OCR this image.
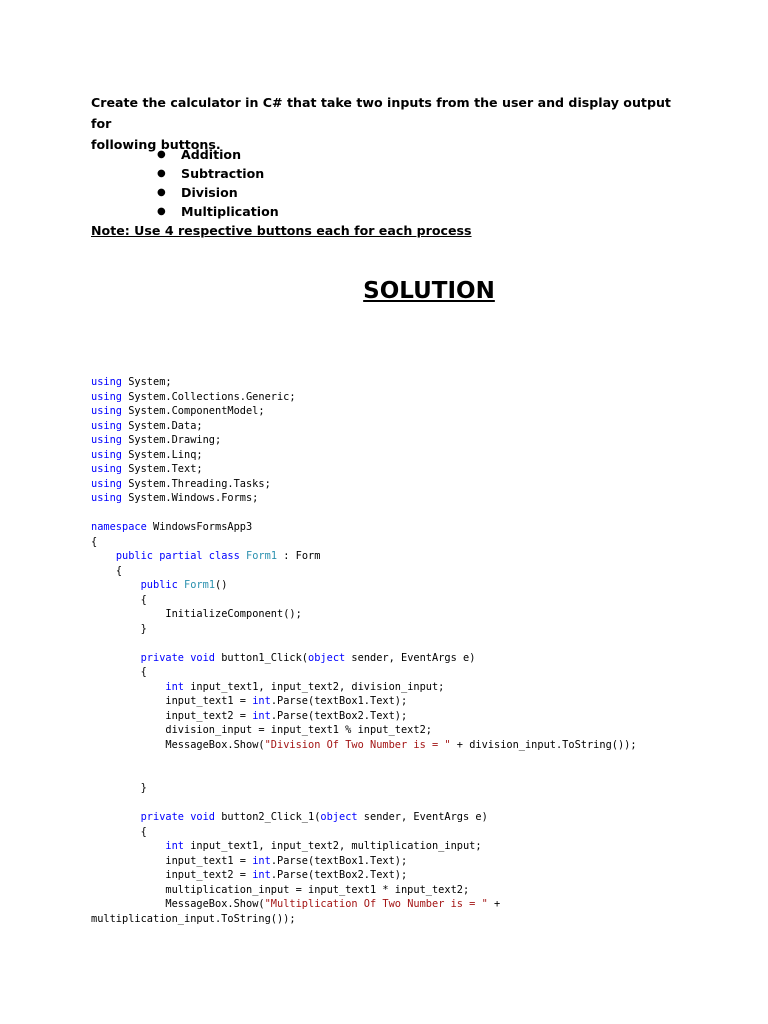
Create the calculator in C# that take two inputs from the user and display output for
following buttons.
●	Addition
●	Subtraction
●	Division
●	Multiplication
Note: Use 4 respective buttons each for each process
SOLUTION
using System;
using System.Collections.Generic;
using System.ComponentModel;
using System.Data;
using System.Drawing;
using System.Linq;
using System.Text;
using System.Threading.Tasks;
using System.Windows.Forms;

namespace WindowsFormsApp3
{
public partial class Form1 : Form
{
public Form1()
{
InitializeComponent();
}

private void button1_Click(object sender, EventArgs e)
{
int input_text1, input_text2, division_input;
input_text1 = int.Parse(textBox1.Text);
input_text2 = int.Parse(textBox2.Text);
division_input = input_text1 % input_text2;
MessageBox.Show("Division Of Two Number is = " + division_input.ToString());

}

private void button2_Click_1(object sender, EventArgs e)
{
int input_text1, input_text2, multiplication_input;
input_text1 = int.Parse(textBox1.Text);
input_text2 = int.Parse(textBox2.Text);
multiplication_input = input_text1 * input_text2;
MessageBox.Show("Multiplication Of Two Number is = " +
multiplication_input.ToString());
